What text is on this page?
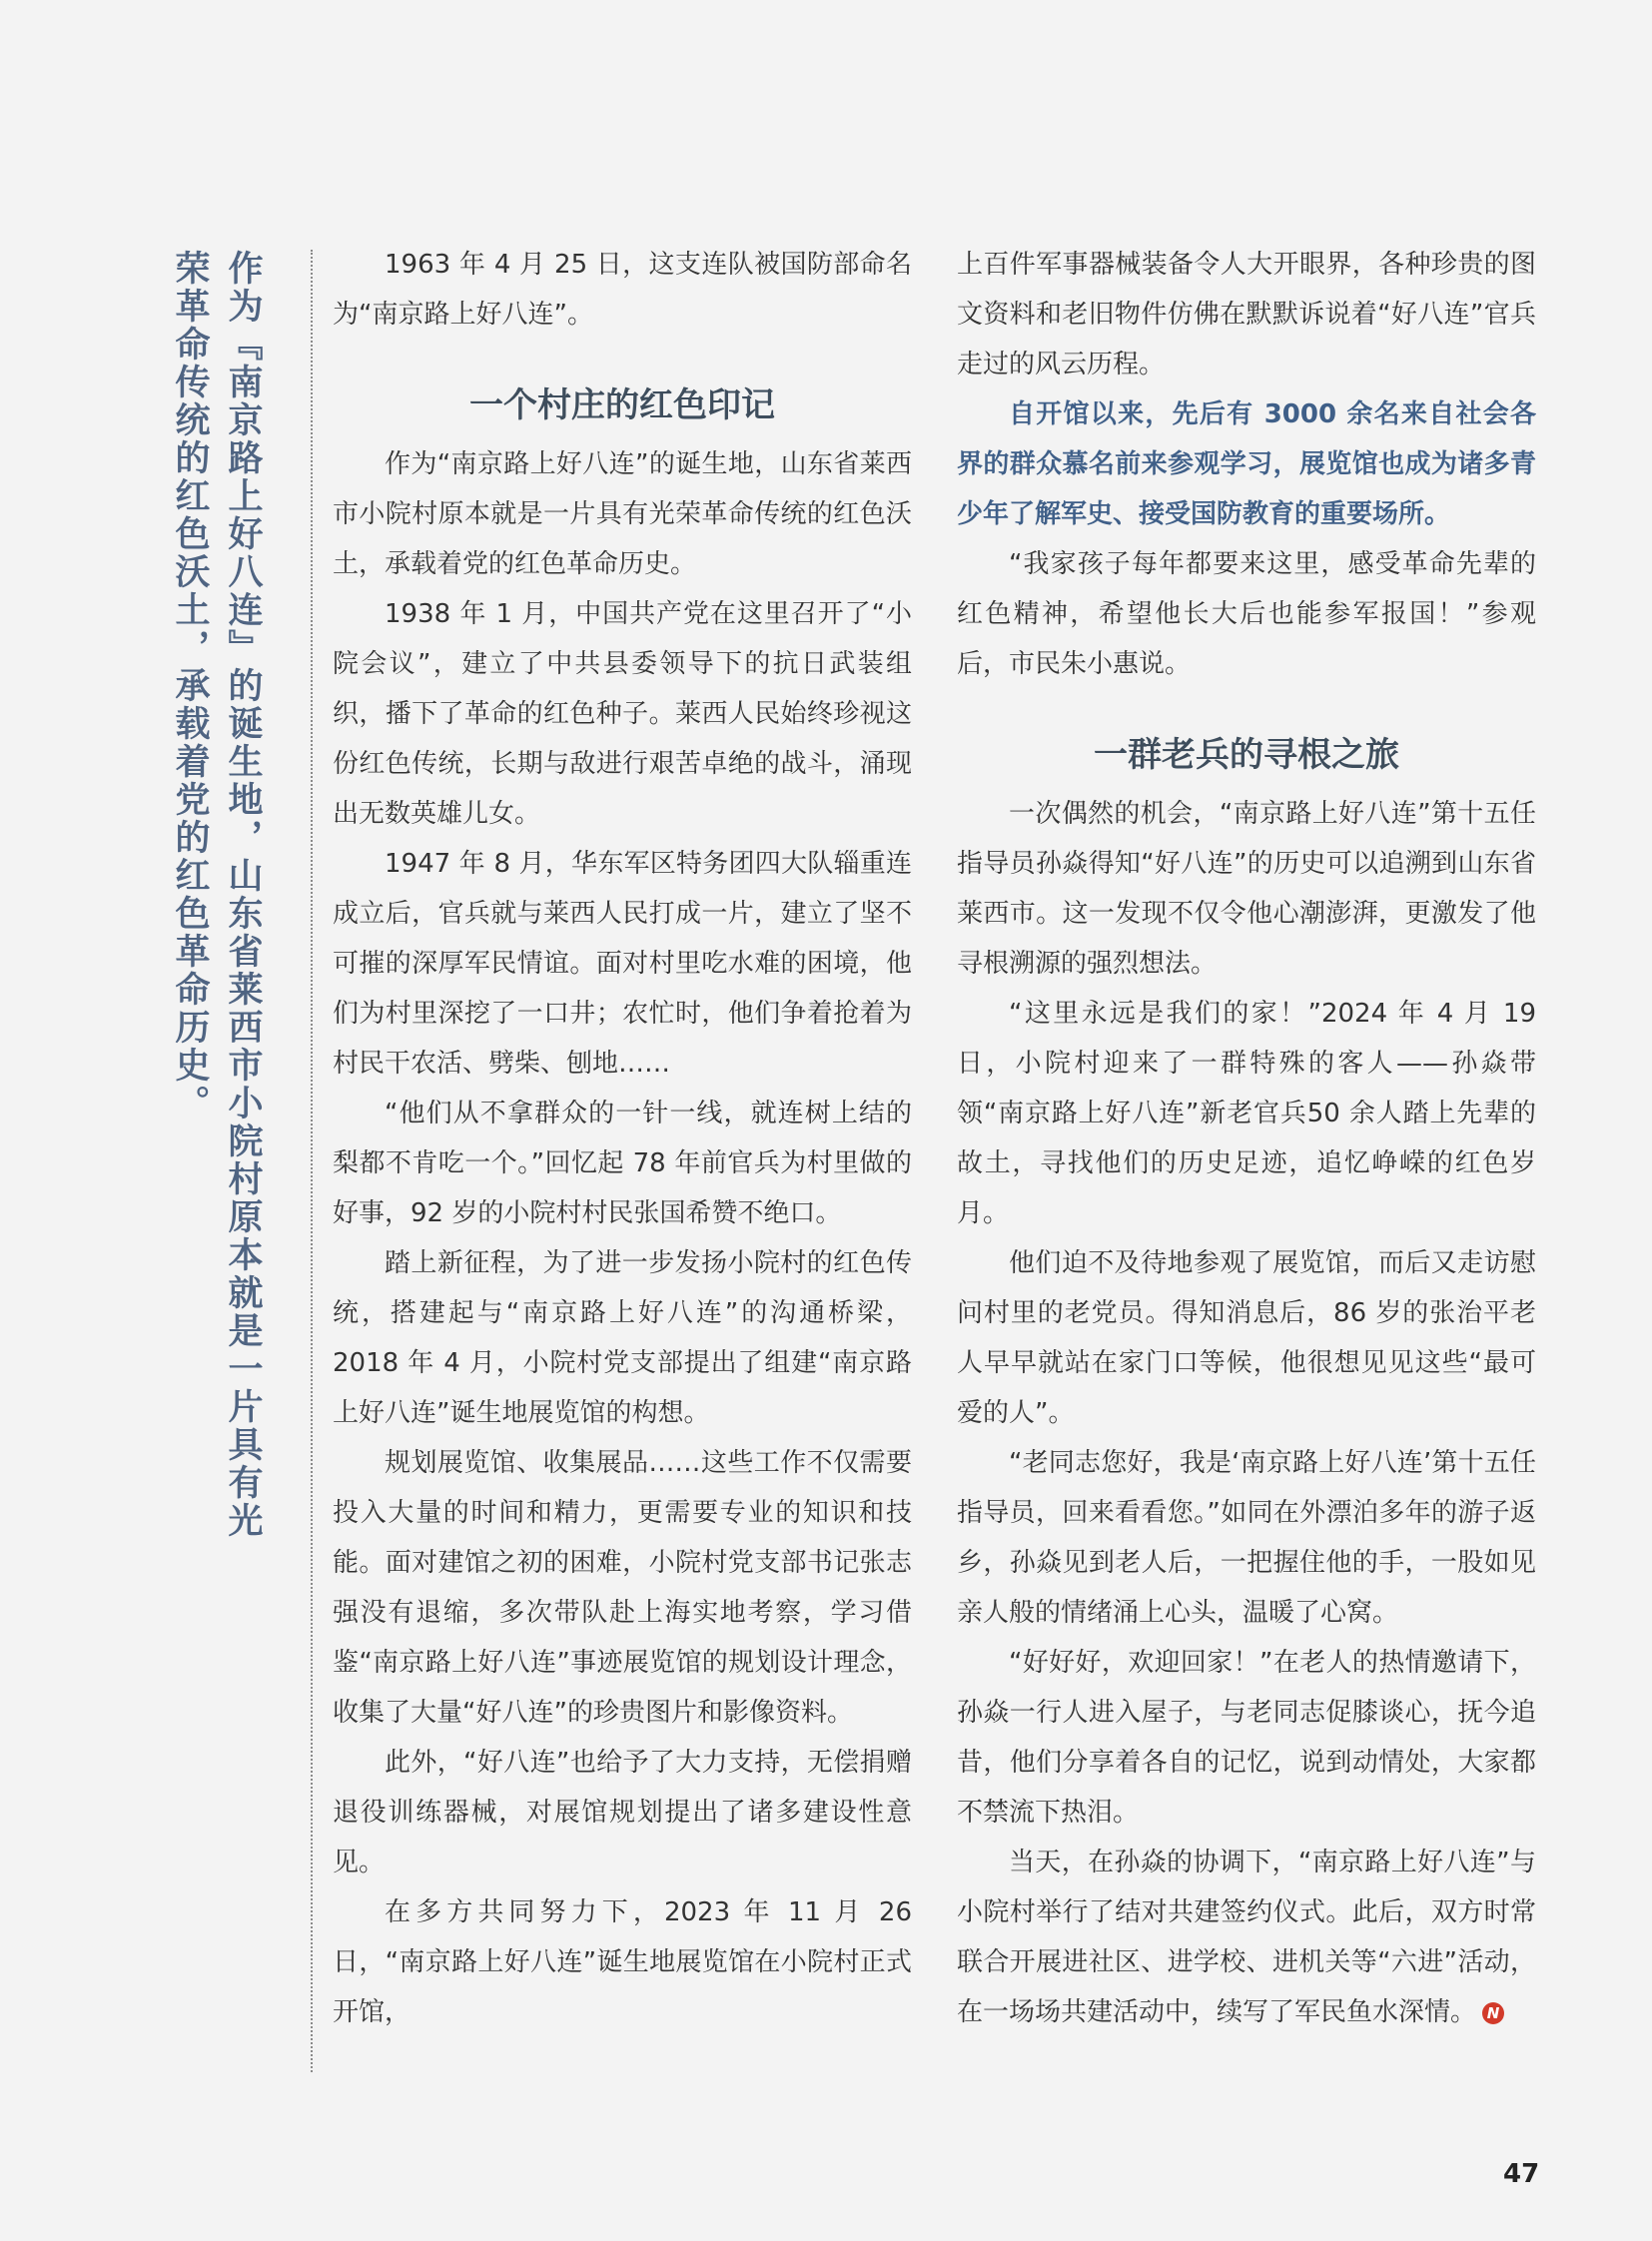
作为『南京路上好八连』的诞生地，山东省莱西市小院村原本就是一片具有光荣革命传统的红色沃土，承载着党的红色革命历史。	1963 年 4 月 25 日，这支连队被国防部命名为“南京路上好八连”。

一个村庄的红色印记

作为“南京路上好八连”的诞生地，山东省莱西市小院村原本就是一片具有光荣革命传统的红色沃土，承载着党的红色革命历史。

1938 年 1 月，中国共产党在这里召开了“小院会议”，建立了中共县委领导下的抗日武装组织，播下了革命的红色种子。莱西人民始终珍视这份红色传统，长期与敌进行艰苦卓绝的战斗，涌现出无数英雄儿女。

1947 年 8 月，华东军区特务团四大队辎重连成立后，官兵就与莱西人民打成一片，建立了坚不可摧的深厚军民情谊。面对村里吃水难的困境，他们为村里深挖了一口井；农忙时，他们争着抢着为村民干农活、劈柴、刨地……

“他们从不拿群众的一针一线，就连树上结的梨都不肯吃一个。”回忆起 78 年前官兵为村里做的好事，92 岁的小院村村民张国希赞不绝口。

踏上新征程，为了进一步发扬小院村的红色传统，搭建起与“南京路上好八连”的沟通桥梁，2018 年 4 月，小院村党支部提出了组建“南京路上好八连”诞生地展览馆的构想。

规划展览馆、收集展品……这些工作不仅需要投入大量的时间和精力，更需要专业的知识和技能。面对建馆之初的困难，小院村党支部书记张志强没有退缩，多次带队赴上海实地考察，学习借鉴“南京路上好八连”事迹展览馆的规划设计理念，收集了大量“好八连”的珍贵图片和影像资料。

此外，“好八连”也给予了大力支持，无偿捐赠退役训练器械，对展馆规划提出了诸多建设性意见。

在多方共同努力下，2023 年 11 月 26 日，“南京路上好八连”诞生地展览馆在小院村正式开馆，

上百件军事器械装备令人大开眼界，各种珍贵的图文资料和老旧物件仿佛在默默诉说着“好八连”官兵走过的风云历程。

自开馆以来，先后有 3000 余名来自社会各界的群众慕名前来参观学习，展览馆也成为诸多青少年了解军史、接受国防教育的重要场所。

“我家孩子每年都要来这里，感受革命先辈的红色精神，希望他长大后也能参军报国！”参观后，市民朱小惠说。

一群老兵的寻根之旅

一次偶然的机会，“南京路上好八连”第十五任指导员孙焱得知“好八连”的历史可以追溯到山东省莱西市。这一发现不仅令他心潮澎湃，更激发了他寻根溯源的强烈想法。

“这里永远是我们的家！”2024 年 4 月 19 日，小院村迎来了一群特殊的客人——孙焱带领“南京路上好八连”新老官兵50 余人踏上先辈的故土，寻找他们的历史足迹，追忆峥嵘的红色岁月。

他们迫不及待地参观了展览馆，而后又走访慰问村里的老党员。得知消息后，86 岁的张治平老人早早就站在家门口等候，他很想见见这些“最可爱的人”。

“老同志您好，我是‘南京路上好八连’第十五任指导员，回来看看您。”如同在外漂泊多年的游子返乡，孙焱见到老人后，一把握住他的手，一股如见亲人般的情绪涌上心头，温暖了心窝。

“好好好，欢迎回家！”在老人的热情邀请下，孙焱一行人进入屋子，与老同志促膝谈心，抚今追昔，他们分享着各自的记忆，说到动情处，大家都不禁流下热泪。

当天，在孙焱的协调下，“南京路上好八连”与小院村举行了结对共建签约仪式。此后，双方时常联合开展进社区、进学校、进机关等“六进”活动，在一场场共建活动中，续写了军民鱼水深情。 N

47
